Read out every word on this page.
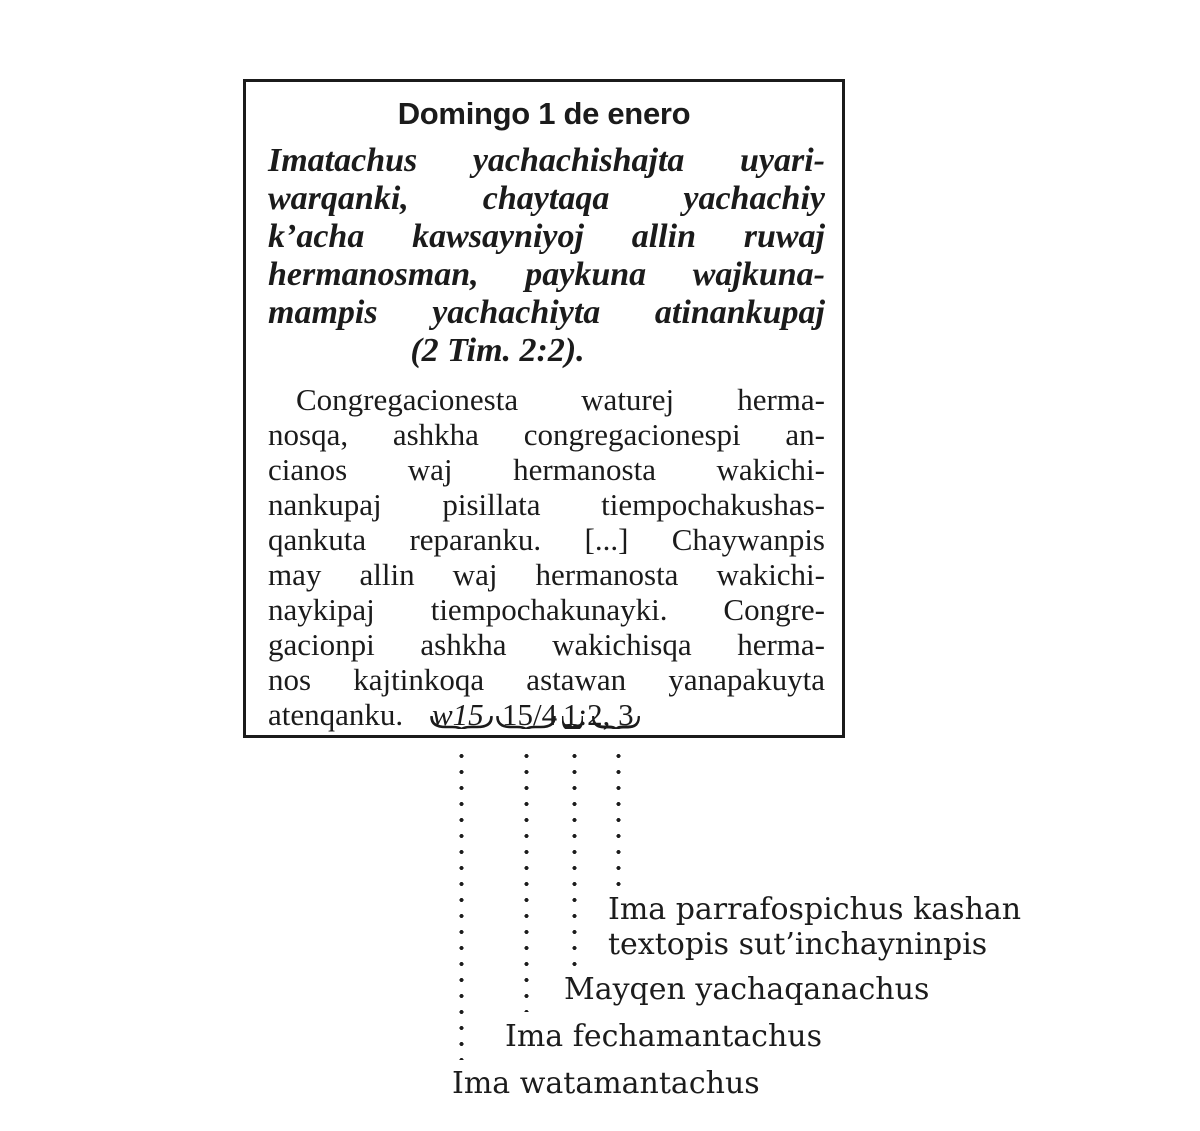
Domingo 1 de enero
Imatachus yachachishajta uyari-
warqanki, chaytaqa yachachiy
k’acha kawsayniyoj allin ruwaj
hermanosman, paykuna wajkuna-
mampis yachachiyta atinankupaj
(2 Tim. 2:2).
Congregacionesta waturej herma-
nosqa, ashkha congregacionespi an-
cianos waj hermanosta wakichi-
nankupaj pisillata tiempochakushas-
qankuta reparanku. [...] Chaywanpis
may allin waj hermanosta wakichi-
naykipaj tiempochakunayki. Congre-
gacionpi ashkha wakichisqa herma-
nos kajtinkoqa astawan yanapakuyta
atenqanku. w15 15/4 1:2, 3
Ima parrafospichus kashan
textopis sut’inchayninpis
Mayqen yachaqanachus
Ima fechamantachus
Ima watamantachus
